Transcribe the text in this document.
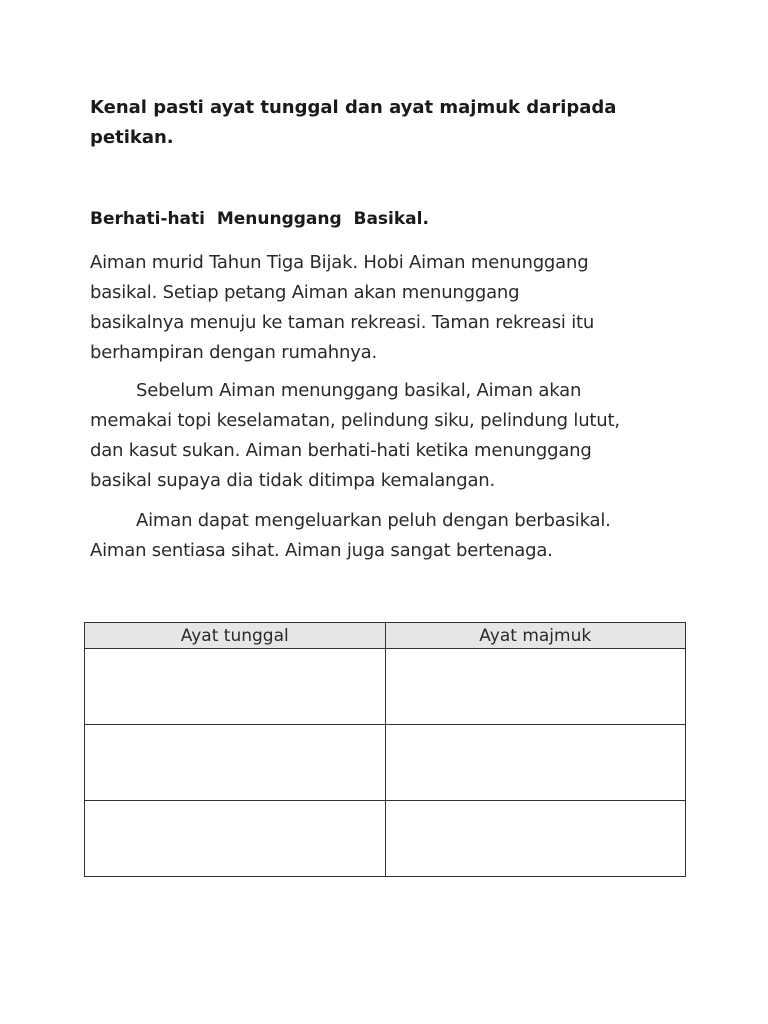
Kenal pasti ayat tunggal dan ayat majmuk daripada petikan.

Berhati-hati  Menunggang  Basikal.

Aiman murid Tahun Tiga Bijak. Hobi Aiman menunggang
basikal. Setiap petang Aiman akan menunggang
basikalnya menuju ke taman rekreasi. Taman rekreasi itu
berhampiran dengan rumahnya.

Sebelum Aiman menunggang basikal, Aiman akan
memakai topi keselamatan, pelindung siku, pelindung lutut,
dan kasut sukan. Aiman berhati-hati ketika menunggang
basikal supaya dia tidak ditimpa kemalangan.

Aiman dapat mengeluarkan peluh dengan berbasikal.
Aiman sentiasa sihat. Aiman juga sangat bertenaga.

Ayat tunggal	Ayat majmuk
